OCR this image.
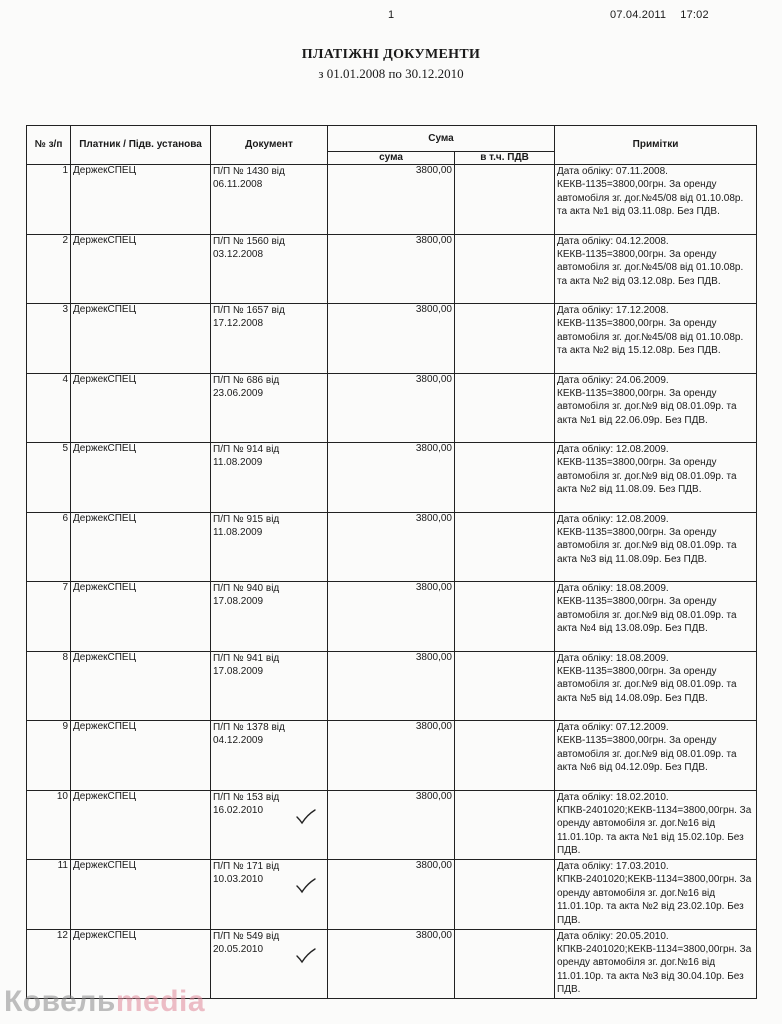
1	07.04.2011 17:02
ПЛАТІЖНІ ДОКУМЕНТИ
з 01.01.2008 по 30.12.2010
№ з/п	Платник / Підв. установа	Документ	Сума		Примітки
			сума	в т.ч. ПДВ	
1	ДержекСПЕЦ	П/П № 1430 від 06.11.2008	3800,00		Дата обліку: 07.11.2008. КЕКВ-1135=3800,00грн. За оренду автомобіля зг. дог.№45/08 від 01.10.08р. та акта №1 від 03.11.08р. Без ПДВ.
2	ДержекСПЕЦ	П/П № 1560 від 03.12.2008	3800,00		Дата обліку: 04.12.2008. КЕКВ-1135=3800,00грн. За оренду автомобіля зг. дог.№45/08 від 01.10.08р. та акта №2 від 03.12.08р. Без ПДВ.
3	ДержекСПЕЦ	П/П № 1657 від 17.12.2008	3800,00		Дата обліку: 17.12.2008. КЕКВ-1135=3800,00грн. За оренду автомобіля зг. дог.№45/08 від 01.10.08р. та акта №2 від 15.12.08р. Без ПДВ.
4	ДержекСПЕЦ	П/П № 686 від 23.06.2009	3800,00		Дата обліку: 24.06.2009. КЕКВ-1135=3800,00грн. За оренду автомобіля зг. дог.№9 від 08.01.09р. та акта №1 від 22.06.09р. Без ПДВ.
5	ДержекСПЕЦ	П/П № 914 від 11.08.2009	3800,00		Дата обліку: 12.08.2009. КЕКВ-1135=3800,00грн. За оренду автомобіля зг. дог.№9 від 08.01.09р. та акта №2 від 11.08.09. Без ПДВ.
6	ДержекСПЕЦ	П/П № 915 від 11.08.2009	3800,00		Дата обліку: 12.08.2009. КЕКВ-1135=3800,00грн. За оренду автомобіля зг. дог.№9 від 08.01.09р. та акта №3 від 11.08.09р. Без ПДВ.
7	ДержекСПЕЦ	П/П № 940 від 17.08.2009	3800,00		Дата обліку: 18.08.2009. КЕКВ-1135=3800,00грн. За оренду автомобіля зг. дог.№9 від 08.01.09р. та акта №4 від 13.08.09р. Без ПДВ.
8	ДержекСПЕЦ	П/П № 941 від 17.08.2009	3800,00		Дата обліку: 18.08.2009. КЕКВ-1135=3800,00грн. За оренду автомобіля зг. дог.№9 від 08.01.09р. та акта №5 від 14.08.09р. Без ПДВ.
9	ДержекСПЕЦ	П/П № 1378 від 04.12.2009	3800,00		Дата обліку: 07.12.2009. КЕКВ-1135=3800,00грн. За оренду автомобіля зг. дог.№9 від 08.01.09р. та акта №6 від 04.12.09р. Без ПДВ.
10	ДержекСПЕЦ	П/П № 153 від 16.02.2010	3800,00		Дата обліку: 18.02.2010. КПКВ-2401020;КЕКВ-1134=3800,00грн. За оренду автомобіля зг. дог.№16 від 11.01.10р. та акта №1 від 15.02.10р. Без ПДВ.
11	ДержекСПЕЦ	П/П № 171 від 10.03.2010	3800,00		Дата обліку: 17.03.2010. КПКВ-2401020;КЕКВ-1134=3800,00грн. За оренду автомобіля зг. дог.№16 від 11.01.10р. та акта №2 від 23.02.10р. Без ПДВ.
12	ДержекСПЕЦ	П/П № 549 від 20.05.2010	3800,00		Дата обліку: 20.05.2010. КПКВ-2401020;КЕКВ-1134=3800,00грн. За оренду автомобіля зг. дог.№16 від 11.01.10р. та акта №3 від 30.04.10р. Без ПДВ.
Ковельmedia
